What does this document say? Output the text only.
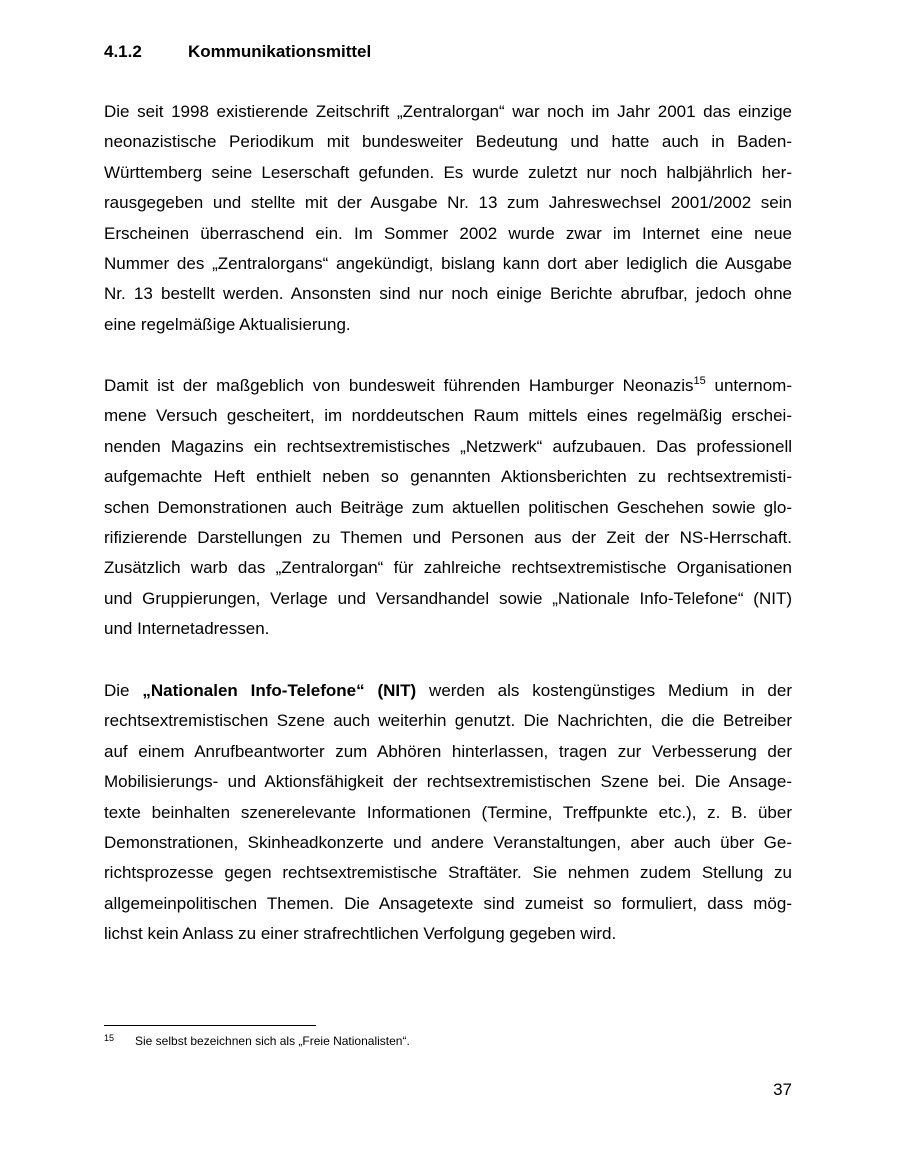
4.1.2	Kommunikationsmittel
Die seit 1998 existierende Zeitschrift „Zentralorgan“ war noch im Jahr 2001 das einzige
neonazistische Periodikum mit bundesweiter Bedeutung und hatte auch in Baden-
Württemberg seine Leserschaft gefunden. Es wurde zuletzt nur noch halbjährlich her-
rausgegeben und stellte mit der Ausgabe Nr. 13 zum Jahreswechsel 2001/2002 sein
Erscheinen überraschend ein. Im Sommer 2002 wurde zwar im Internet eine neue
Nummer des „Zentralorgans“ angekündigt, bislang kann dort aber lediglich die Ausgabe
Nr. 13 bestellt werden. Ansonsten sind nur noch einige Berichte abrufbar, jedoch ohne
eine regelmäßige Aktualisierung.
Damit ist der maßgeblich von bundesweit führenden Hamburger Neonazis$^{15}$ unternom-
mene Versuch gescheitert, im norddeutschen Raum mittels eines regelmäßig erschei-
nenden Magazins ein rechtsextremistisches „Netzwerk“ aufzubauen. Das professionell
aufgemachte Heft enthielt neben so genannten Aktionsberichten zu rechtsextremisti-
schen Demonstrationen auch Beiträge zum aktuellen politischen Geschehen sowie glo-
rifizierende Darstellungen zu Themen und Personen aus der Zeit der NS-Herrschaft.
Zusätzlich warb das „Zentralorgan“ für zahlreiche rechtsextremistische Organisationen
und Gruppierungen, Verlage und Versandhandel sowie „Nationale Info-Telefone“ (NIT)
und Internetadressen.
Die „Nationalen Info-Telefone“ (NIT) werden als kostengünstiges Medium in der
rechtsextremistischen Szene auch weiterhin genutzt. Die Nachrichten, die die Betreiber
auf einem Anrufbeantworter zum Abhören hinterlassen, tragen zur Verbesserung der
Mobilisierungs- und Aktionsfähigkeit der rechtsextremistischen Szene bei. Die Ansage-
texte beinhalten szenerelevante Informationen (Termine, Treffpunkte etc.), z. B. über
Demonstrationen, Skinheadkonzerte und andere Veranstaltungen, aber auch über Ge-
richtsprozesse gegen rechtsextremistische Straftäter. Sie nehmen zudem Stellung zu
allgemeinpolitischen Themen. Die Ansagetexte sind zumeist so formuliert, dass mög-
lichst kein Anlass zu einer strafrechtlichen Verfolgung gegeben wird.
15 Sie selbst bezeichnen sich als „Freie Nationalisten“.
37
